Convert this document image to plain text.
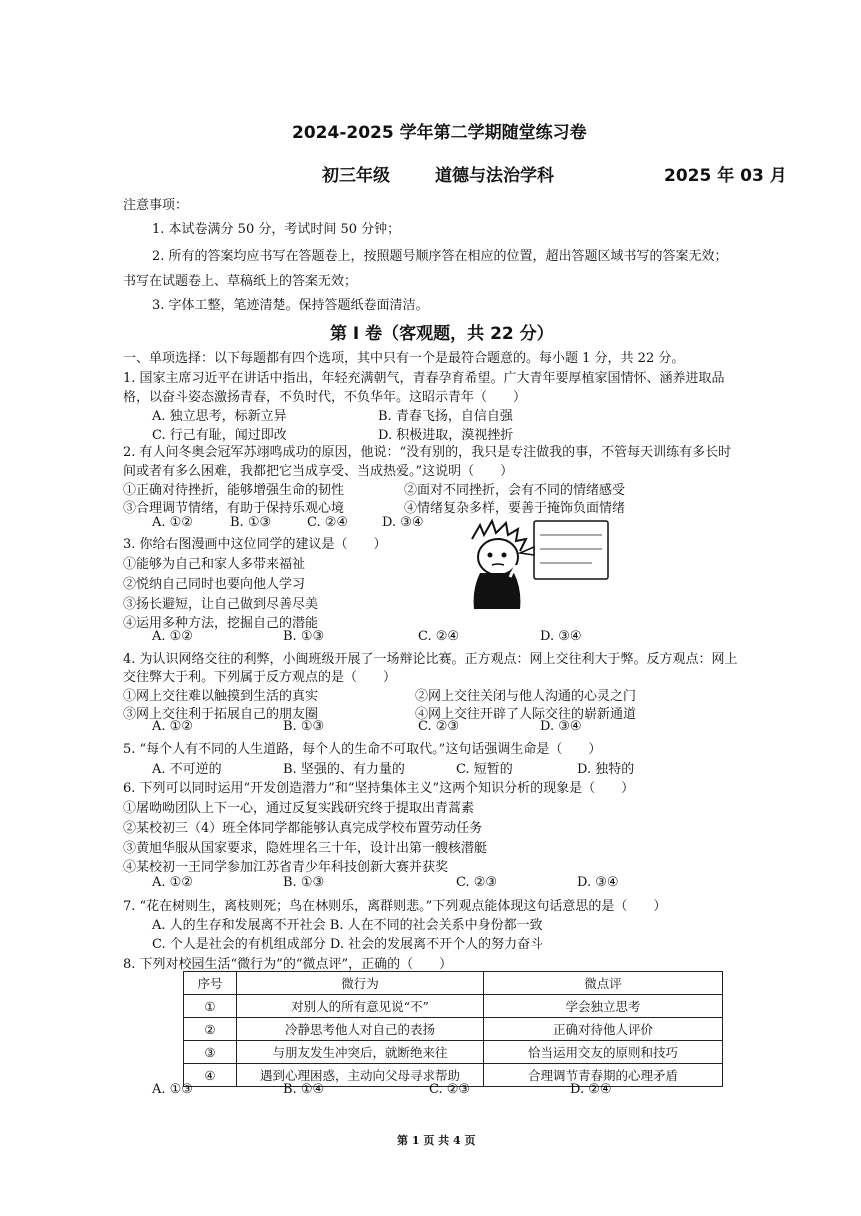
2024-2025 学年第二学期随堂练习卷
初三年级	道德与法治学科	2025 年 03 月
注意事项：
1. 本试卷满分 50 分，考试时间 50 分钟；
2. 所有的答案均应书写在答题卷上，按照题号顺序答在相应的位置，超出答题区域书写的答案无效；
书写在试题卷上、草稿纸上的答案无效；
3. 字体工整，笔迹清楚。保持答题纸卷面清洁。
第 Ⅰ 卷（客观题，共 22 分）
一、单项选择：以下每题都有四个选项，其中只有一个是最符合题意的。每小题 1 分，共 22 分。
1. 国家主席习近平在讲话中指出，年轻充满朝气，青春孕育希望。广大青年要厚植家国情怀、涵养进取品
格，以奋斗姿态激扬青春，不负时代，不负华年。这昭示青年（　　）
A. 独立思考，标新立异	B. 青春飞扬，自信自强
C. 行己有耻，闻过即改	D. 积极进取，漠视挫折
2. 有人问冬奥会冠军苏翊鸣成功的原因，他说：“没有别的，我只是专注做我的事，不管每天训练有多长时
间或者有多么困难，我都把它当成享受、当成热爱。”这说明（　　）
①正确对待挫折，能够增强生命的韧性	②面对不同挫折，会有不同的情绪感受
③合理调节情绪，有助于保持乐观心境	④情绪复杂多样，要善于掩饰负面情绪
A. ①②	B. ①③	C. ②④	D. ③④
3. 你给右图漫画中这位同学的建议是（　　）
①能够为自己和家人多带来福祉
②悦纳自己同时也要向他人学习
③扬长避短，让自己做到尽善尽美
④运用多种方法，挖掘自己的潜能
A. ①②	B. ①③	C. ②④	D. ③④
4. 为认识网络交往的利弊，小闽班级开展了一场辩论比赛。正方观点：网上交往利大于弊。反方观点：网上
交往弊大于利。下列属于反方观点的是（　　）
①网上交往难以触摸到生活的真实	②网上交往关闭与他人沟通的心灵之门
③网上交往利于拓展自己的朋友圈	④网上交往开辟了人际交往的崭新通道
A. ①②	B. ①③	C. ②③	D. ③④
5. “每个人有不同的人生道路，每个人的生命不可取代。”这句话强调生命是（　　）
A. 不可逆的	B. 坚强的、有力量的	C. 短暂的	D. 独特的
6. 下列可以同时运用“开发创造潜力”和“坚持集体主义”这两个知识分析的现象是（　　）
①屠呦呦团队上下一心，通过反复实践研究终于提取出青蒿素
②某校初三（4）班全体同学都能够认真完成学校布置劳动任务
③黄旭华服从国家要求，隐姓埋名三十年，设计出第一艘核潜艇
④某校初一王同学参加江苏省青少年科技创新大赛并获奖
A. ①②	B. ①③	C. ②③	D. ③④
7. “花在树则生，离枝则死；鸟在林则乐，离群则悲。”下列观点能体现这句话意思的是（　　）
A. 人的生存和发展离不开社会 B. 人在不同的社会关系中身份都一致
C. 个人是社会的有机组成部分 D. 社会的发展离不开个人的努力奋斗
8. 下列对校园生活“微行为”的“微点评”，正确的（　　）
序号	微行为	微点评
①	对别人的所有意见说“不”	学会独立思考
②	冷静思考他人对自己的表扬	正确对待他人评价
③	与朋友发生冲突后，就断绝来往	恰当运用交友的原则和技巧
④	遇到心理困惑，主动向父母寻求帮助	合理调节青春期的心理矛盾
A. ①③	B. ①④	C. ②③	D. ②④
第 1 页 共 4 页
